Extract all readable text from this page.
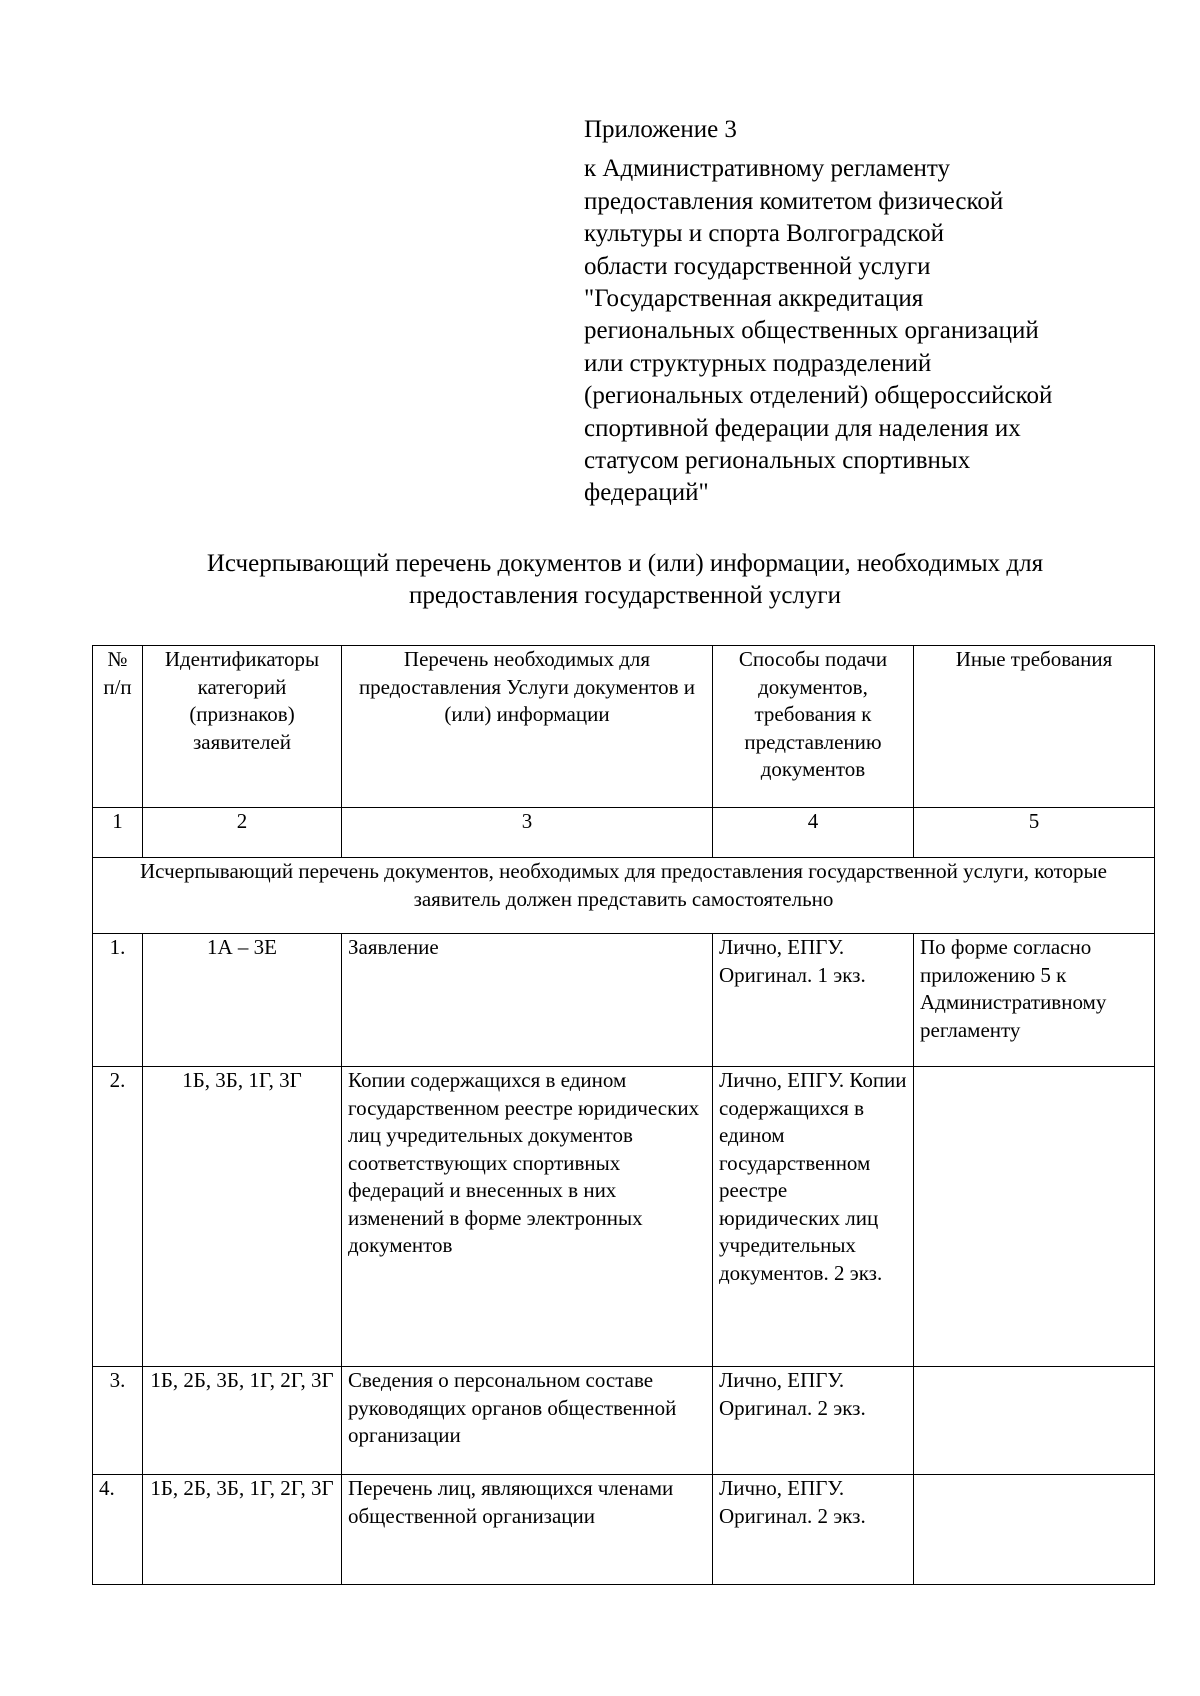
Приложение 3
к Административному регламенту
предоставления комитетом физической
культуры и спорта Волгоградской
области государственной услуги
"Государственная аккредитация
региональных общественных организаций
или структурных подразделений
(региональных отделений) общероссийской
спортивной федерации для наделения их
статусом региональных спортивных
федераций"
Исчерпывающий перечень документов и (или) информации, необходимых для
предоставления государственной услуги
№ п/п	Идентификаторы категорий (признаков) заявителей	Перечень необходимых для предоставления Услуги документов и (или) информации	Способы подачи документов, требования к представлению документов	Иные требования
1	2	3	4	5
Исчерпывающий перечень документов, необходимых для предоставления государственной услуги, которые заявитель должен представить самостоятельно				
1.	1А – 3Е	Заявление	Лично, ЕПГУ. Оригинал. 1 экз.	По форме согласно приложению 5 к Административному регламенту
2.	1Б, 3Б, 1Г, 3Г	Копии содержащихся в едином государственном реестре юридических лиц учредительных документов соответствующих спортивных федераций и внесенных в них изменений в форме электронных документов	Лично, ЕПГУ. Копии содержащихся в едином государственном реестре юридических лиц учредительных документов. 2 экз.	
3.	1Б, 2Б, 3Б, 1Г, 2Г, 3Г	Сведения о персональном составе руководящих органов общественной организации	Лично, ЕПГУ. Оригинал. 2 экз.	
4.	1Б, 2Б, 3Б, 1Г, 2Г, 3Г	Перечень лиц, являющихся членами общественной организации	Лично, ЕПГУ. Оригинал. 2 экз.	
